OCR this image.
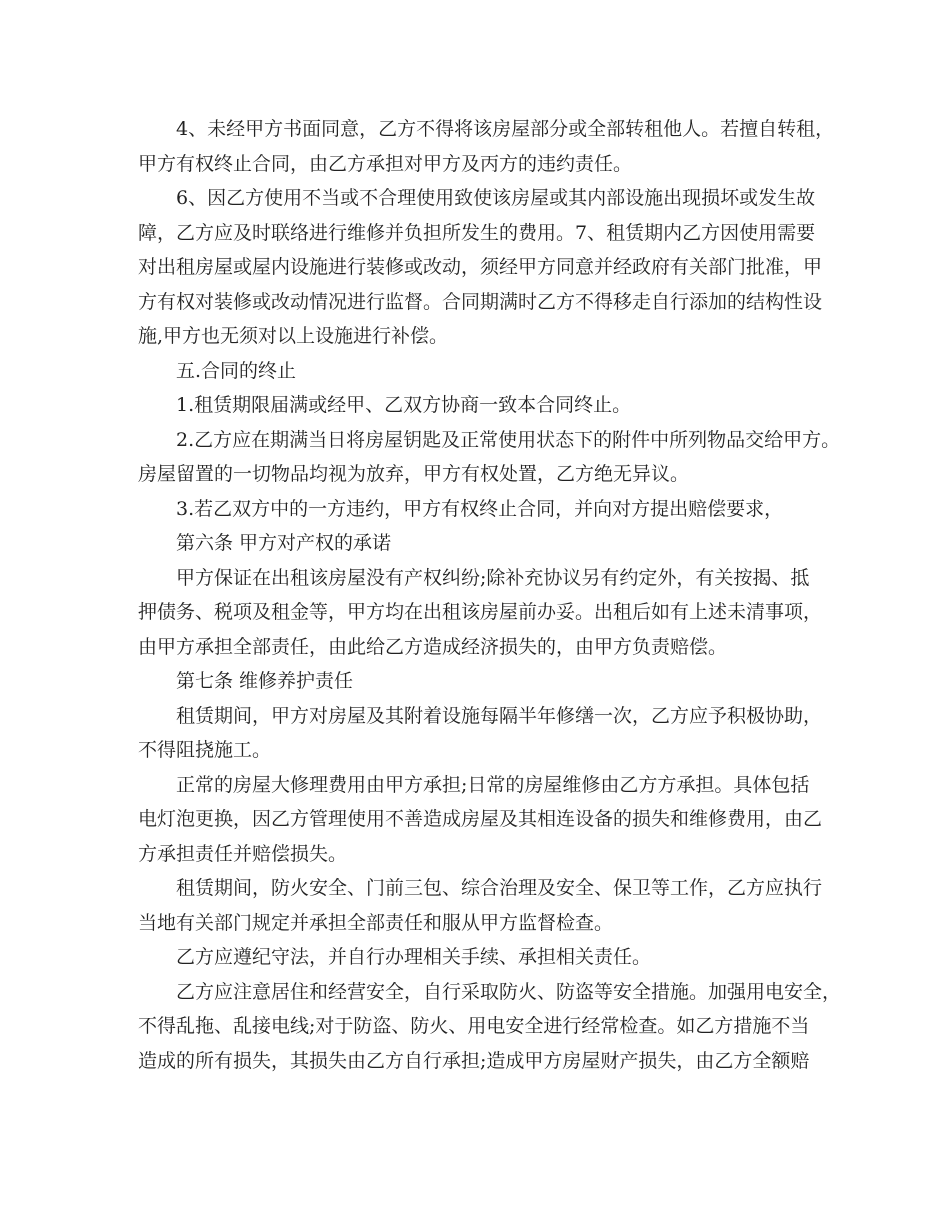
4、未经甲方书面同意，乙方不得将该房屋部分或全部转租他人。若擅自转租，
甲方有权终止合同，由乙方承担对甲方及丙方的违约责任。
6、因乙方使用不当或不合理使用致使该房屋或其内部设施出现损坏或发生故
障，乙方应及时联络进行维修并负担所发生的费用。7、租赁期内乙方因使用需要
对出租房屋或屋内设施进行装修或改动，须经甲方同意并经政府有关部门批准，甲
方有权对装修或改动情况进行监督。合同期满时乙方不得移走自行添加的结构性设
施,甲方也无须对以上设施进行补偿。
五.合同的终止
1.租赁期限届满或经甲、乙双方协商一致本合同终止。
2.乙方应在期满当日将房屋钥匙及正常使用状态下的附件中所列物品交给甲方。
房屋留置的一切物品均视为放弃，甲方有权处置，乙方绝无异议。
3.若乙双方中的一方违约，甲方有权终止合同，并向对方提出赔偿要求，
第六条 甲方对产权的承诺
甲方保证在出租该房屋没有产权纠纷;除补充协议另有约定外，有关按揭、抵
押债务、税项及租金等，甲方均在出租该房屋前办妥。出租后如有上述未清事项，
由甲方承担全部责任，由此给乙方造成经济损失的，由甲方负责赔偿。
第七条 维修养护责任
租赁期间，甲方对房屋及其附着设施每隔半年修缮一次，乙方应予积极协助，
不得阻挠施工。
正常的房屋大修理费用由甲方承担;日常的房屋维修由乙方方承担。具体包括
电灯泡更换，因乙方管理使用不善造成房屋及其相连设备的损失和维修费用，由乙
方承担责任并赔偿损失。
租赁期间，防火安全、门前三包、综合治理及安全、保卫等工作，乙方应执行
当地有关部门规定并承担全部责任和服从甲方监督检查。
乙方应遵纪守法，并自行办理相关手续、承担相关责任。
乙方应注意居住和经营安全，自行采取防火、防盗等安全措施。加强用电安全，
不得乱拖、乱接电线;对于防盗、防火、用电安全进行经常检查。如乙方措施不当
造成的所有损失，其损失由乙方自行承担;造成甲方房屋财产损失，由乙方全额赔
